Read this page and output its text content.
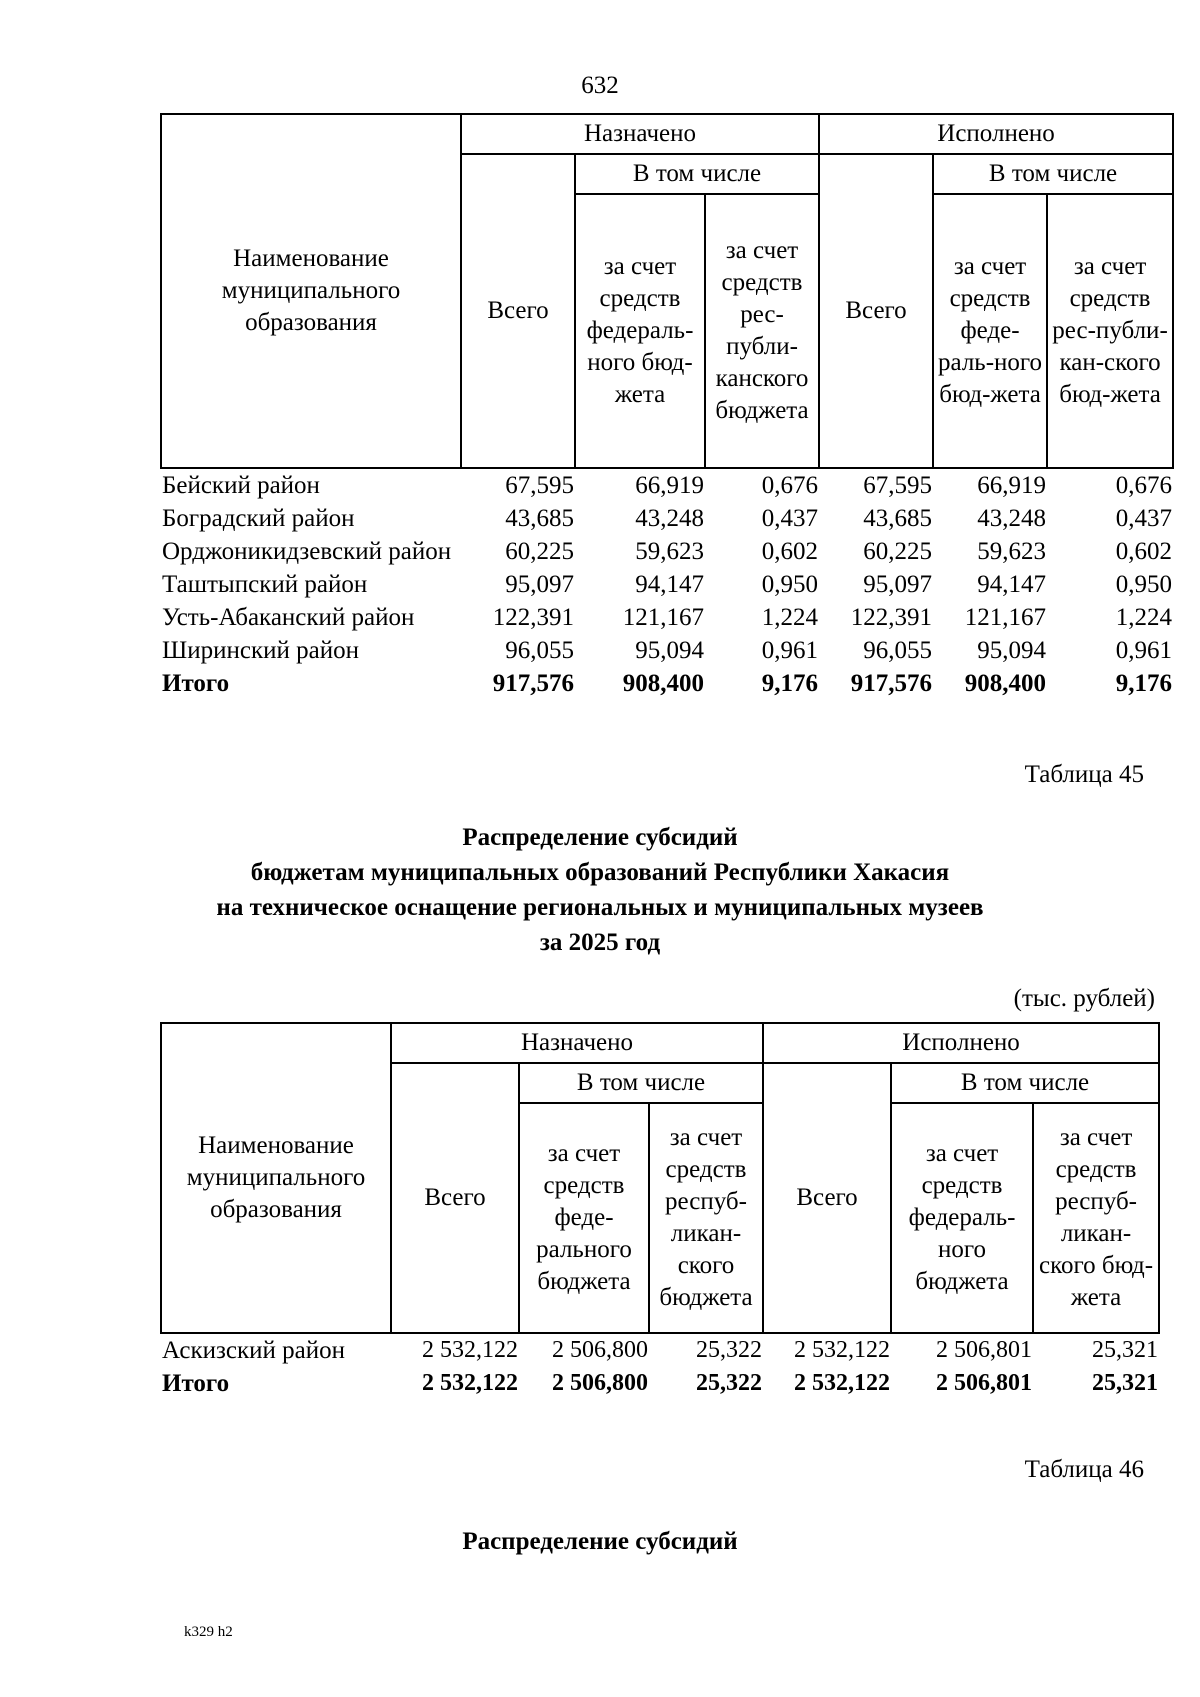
632
Наименование муниципального образования	Назначено			Исполнено		
	Всего	В том числе		Всего	В том числе	
		за счет средств федераль-ного бюд-жета	за счет средств рес-публи-канского бюджета		за счет средств феде-раль-ного бюд-жета	за счет средств рес-публи-кан-ского бюд-жета
Бейский район	67,595	66,919	0,676	67,595	66,919	0,676
Боградский район	43,685	43,248	0,437	43,685	43,248	0,437
Орджоникидзевский район	60,225	59,623	0,602	60,225	59,623	0,602
Таштыпский район	95,097	94,147	0,950	95,097	94,147	0,950
Усть-Абаканский район	122,391	121,167	1,224	122,391	121,167	1,224
Ширинский район	96,055	95,094	0,961	96,055	95,094	0,961
Итого	917,576	908,400	9,176	917,576	908,400	9,176
Таблица 45
Распределение субсидий
бюджетам муниципальных образований Республики Хакасия
на техническое оснащение региональных и муниципальных музеев
за 2025 год
(тыс. рублей)
Наименование муниципального образования	Назначено			Исполнено		
	Всего	В том числе		Всего	В том числе	
		за счет средств феде-рального бюджета	за счет средств респуб-ликан-ского бюджета		за счет средств федераль-ного бюджета	за счет средств респуб-ликан-ского бюд-жета
Аскизский район	2 532,122	2 506,800	25,322	2 532,122	2 506,801	25,321
Итого	2 532,122	2 506,800	25,322	2 532,122	2 506,801	25,321
Таблица 46
Распределение субсидий
k329 h2
